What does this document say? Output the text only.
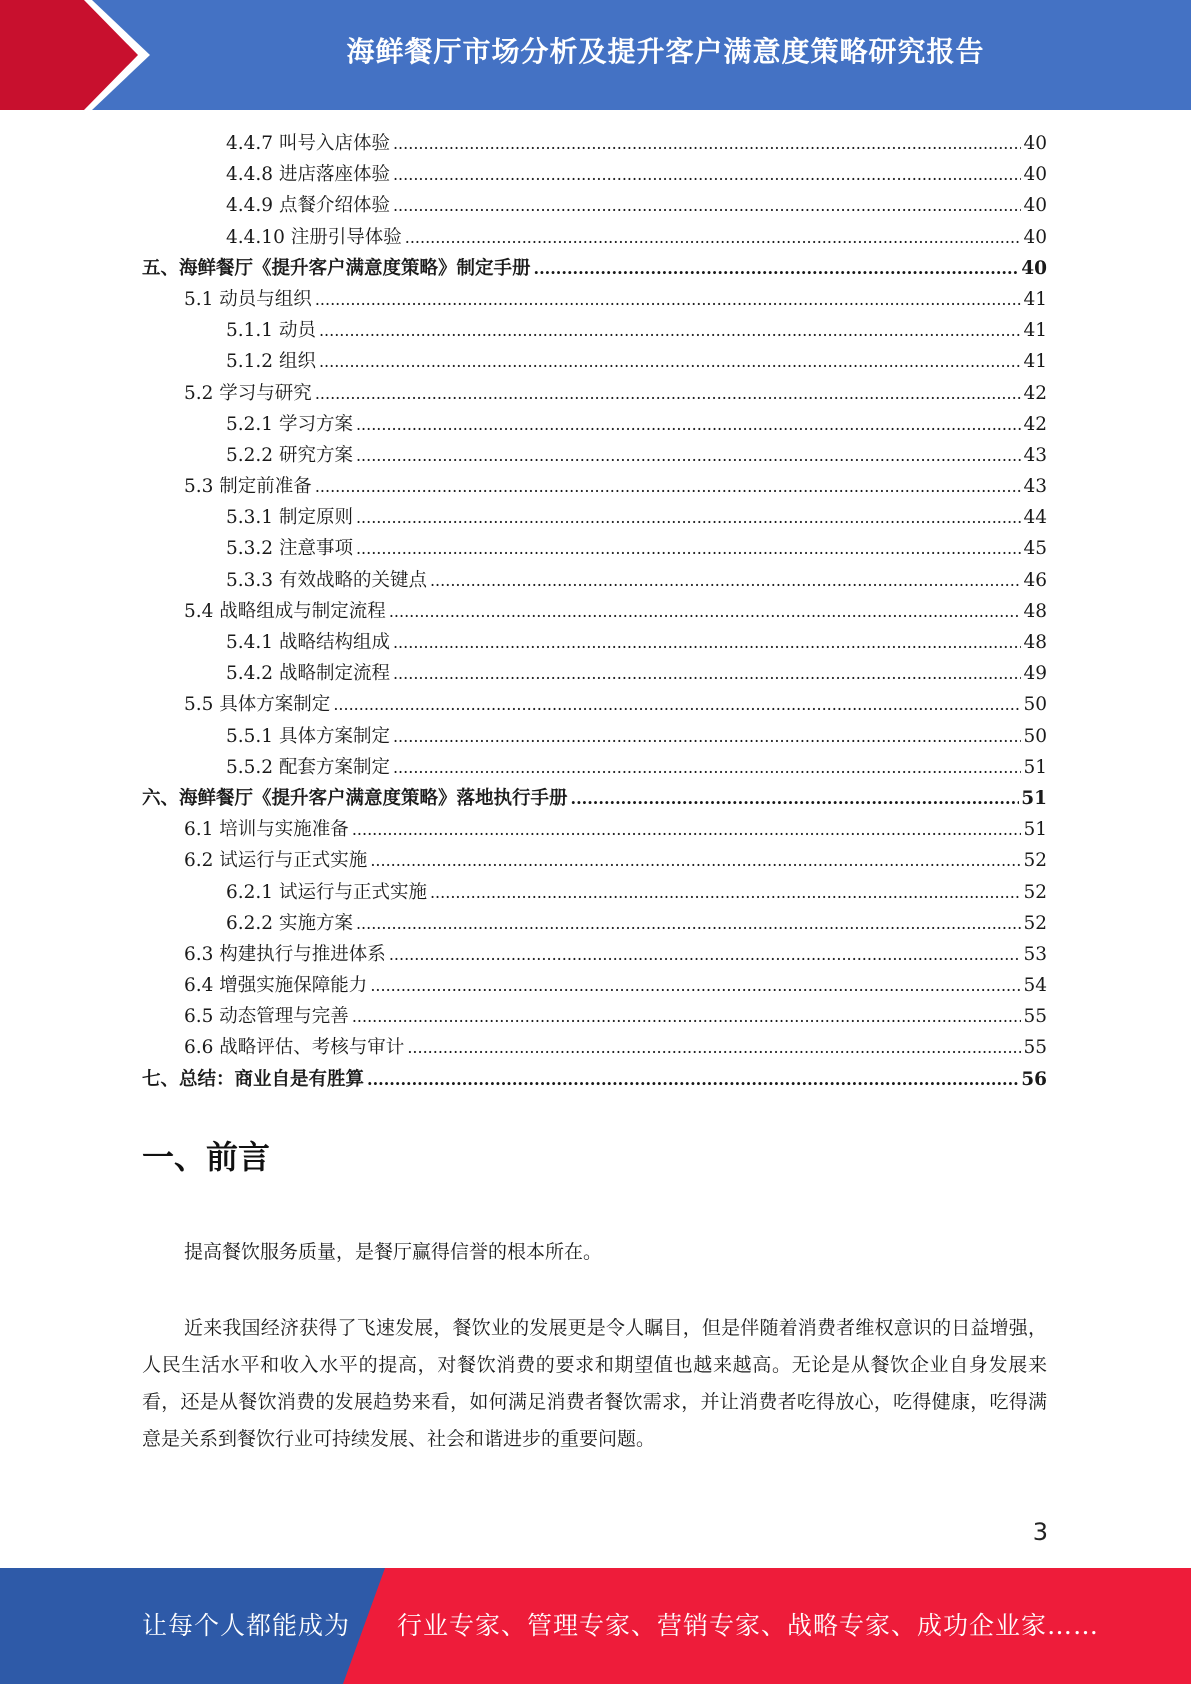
海鲜餐厅市场分析及提升客户满意度策略研究报告
4.4.7 叫号入店体验 .....	40
4.4.8 进店落座体验 .....	40
4.4.9 点餐介绍体验 .....	40
4.4.10 注册引导体验 .....	40
五、海鲜餐厅《提升客户满意度策略》制定手册 .....	40
5.1 动员与组织 .....	41
5.1.1 动员 .....	41
5.1.2 组织 .....	41
5.2 学习与研究 .....	42
5.2.1 学习方案 .....	42
5.2.2 研究方案 .....	43
5.3 制定前准备 .....	43
5.3.1 制定原则 .....	44
5.3.2 注意事项 .....	45
5.3.3 有效战略的关键点 .....	46
5.4 战略组成与制定流程 .....	48
5.4.1 战略结构组成 .....	48
5.4.2 战略制定流程 .....	49
5.5 具体方案制定 .....	50
5.5.1 具体方案制定 .....	50
5.5.2 配套方案制定 .....	51
六、海鲜餐厅《提升客户满意度策略》落地执行手册 .....	51
6.1 培训与实施准备 .....	51
6.2 试运行与正式实施 .....	52
6.2.1 试运行与正式实施 .....	52
6.2.2 实施方案 .....	52
6.3 构建执行与推进体系 .....	53
6.4 增强实施保障能力 .....	54
6.5 动态管理与完善 .....	55
6.6 战略评估、考核与审计 .....	55
七、总结：商业自是有胜算 .....	56
一、前言
提高餐饮服务质量，是餐厅赢得信誉的根本所在。
近来我国经济获得了飞速发展，餐饮业的发展更是令人瞩目，但是伴随着消费者维权意识的日益增强，人民生活水平和收入水平的提高，对餐饮消费的要求和期望值也越来越高。无论是从餐饮企业自身发展来看，还是从餐饮消费的发展趋势来看，如何满足消费者餐饮需求，并让消费者吃得放心，吃得健康，吃得满意是关系到餐饮行业可持续发展、社会和谐进步的重要问题。
3
让每个人都能成为 行业专家、管理专家、营销专家、战略专家、成功企业家……
